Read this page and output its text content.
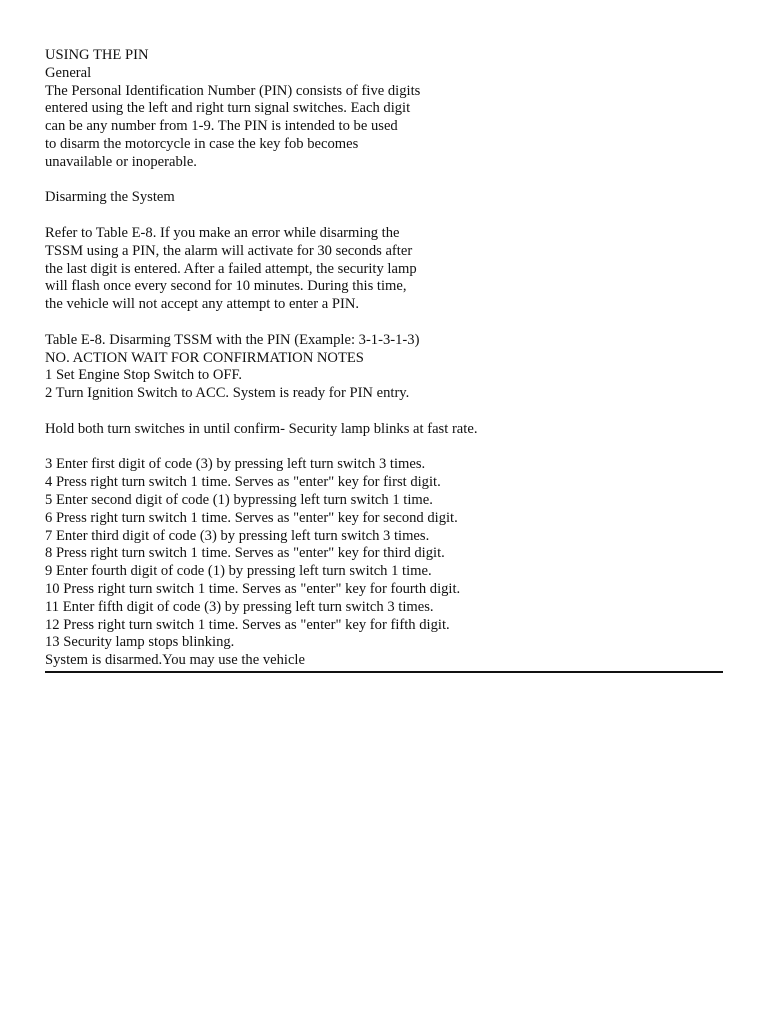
USING THE PIN
General
The Personal Identification Number (PIN) consists of five digits
entered using the left and right turn signal switches. Each digit
can be any number from 1-9. The PIN is intended to be used
to disarm the motorcycle in case the key fob becomes
unavailable or inoperable.
Disarming the System
Refer to Table E-8. If you make an error while disarming the
TSSM using a PIN, the alarm will activate for 30 seconds after
the last digit is entered. After a failed attempt, the security lamp
will flash once every second for 10 minutes. During this time,
the vehicle will not accept any attempt to enter a PIN.
Table E-8. Disarming TSSM with the PIN (Example: 3-1-3-1-3)
NO. ACTION WAIT FOR CONFIRMATION NOTES
1 Set Engine Stop Switch to OFF.
2 Turn Ignition Switch to ACC. System is ready for PIN entry.
Hold both turn switches in until confirm- Security lamp blinks at fast rate.
3 Enter first digit of code (3) by pressing left turn switch 3 times.
4 Press right turn switch 1 time. Serves as "enter" key for first digit.
5 Enter second digit of code (1) bypressing left turn switch 1 time.
6 Press right turn switch 1 time. Serves as "enter" key for second digit.
7 Enter third digit of code (3) by pressing left turn switch 3 times.
8 Press right turn switch 1 time. Serves as "enter" key for third digit.
9 Enter fourth digit of code (1) by pressing left turn switch 1 time.
10 Press right turn switch 1 time. Serves as "enter" key for fourth digit.
11 Enter fifth digit of code (3) by pressing left turn switch 3 times.
12 Press right turn switch 1 time. Serves as "enter" key for fifth digit.
13 Security lamp stops blinking.
System is disarmed.You may use the vehicle
